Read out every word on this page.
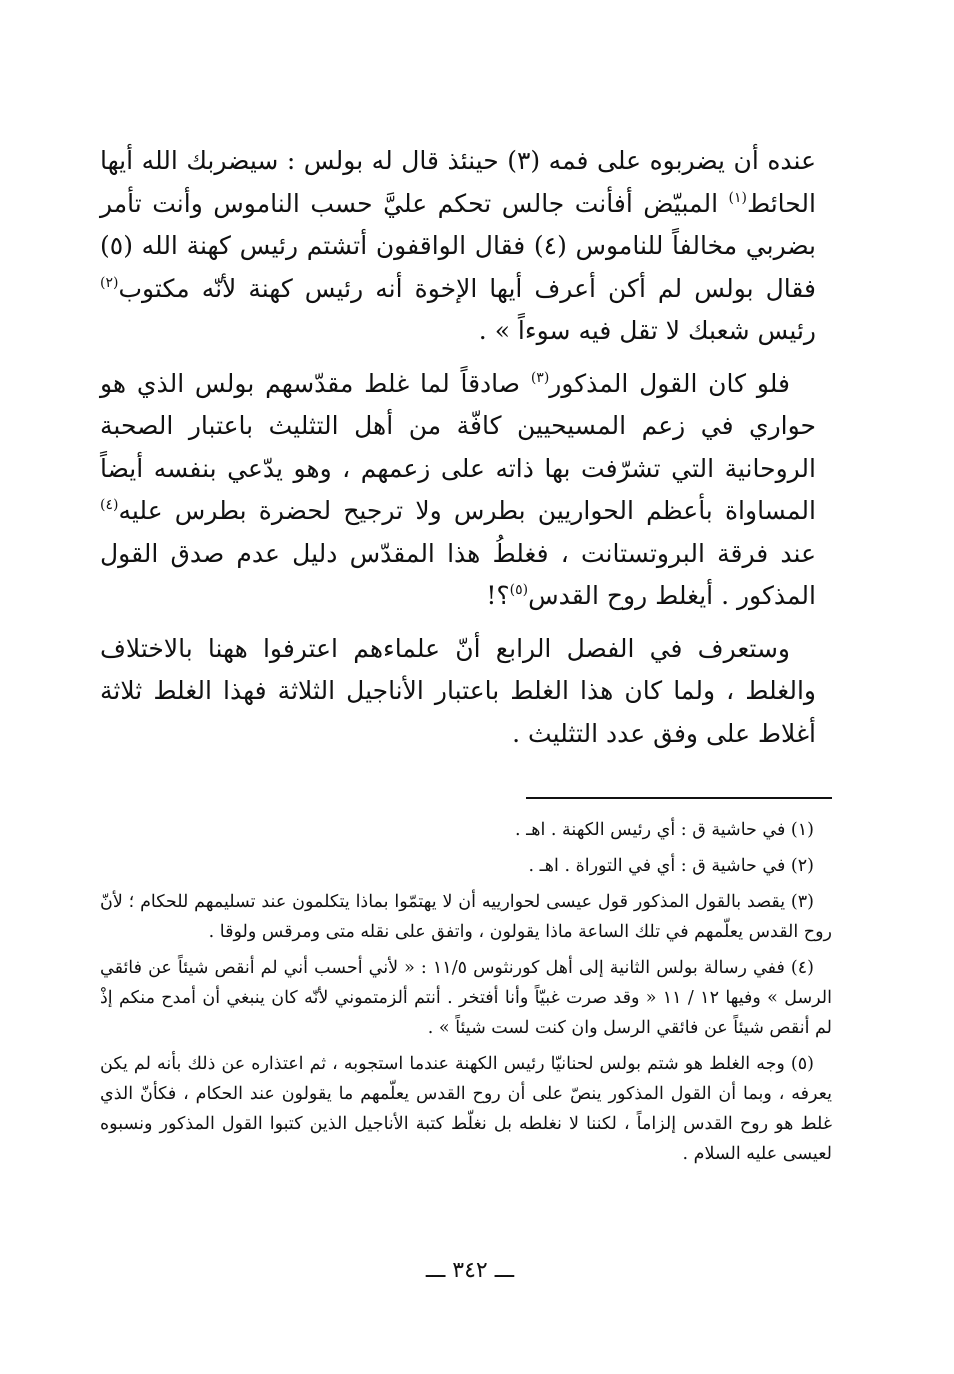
عنده أن يضربوه على فمه (٣) حينئذ قال له بولس : سيضربك الله أيها الحائط$^{(١)}$ المبيّض أفأنت جالس تحكم عليَّ حسب الناموس وأنت تأمر بضربي مخالفاً للناموس (٤) فقال الواقفون أتشتم رئيس كهنة الله (٥) فقال بولس لم أكن أعرف أيها الإخوة أنه رئيس كهنة لأنّه مكتوب$^{(٢)}$ رئيس شعبك لا تقل فيه سوءاً » .

فلو كان القول المذكور$^{(٣)}$ صادقاً لما غلط مقدّسهم بولس الذي هو حواري في زعم المسيحيين كافّة من أهل التثليث باعتبار الصحبة الروحانية التي تشرّفت بها ذاته على زعمهم ، وهو يدّعي بنفسه أيضاً المساواة بأعظم الحواريين بطرس ولا ترجيح لحضرة بطرس عليه$^{(٤)}$ عند فرقة البروتستانت ، فغلطُ هذا المقدّس دليل عدم صدق القول المذكور . أيغلط روح القدس$^{(٥)}$؟!

وستعرف في الفصل الرابع أنّ علماءهم اعترفوا ههنا بالاختلاف والغلط ، ولما كان هذا الغلط باعتبار الأناجيل الثلاثة فهذا الغلط ثلاثة أغلاط على وفق عدد التثليث .

(١) في حاشية ق : أي رئيس الكهنة . اهـ .

(٢) في حاشية ق : أي في التوراة . اهـ .

(٣) يقصد بالقول المذكور قول عيسى لحوارييه أن لا يهتمّوا بماذا يتكلمون عند تسليمهم للحكام ؛ لأنّ روح القدس يعلّمهم في تلك الساعة ماذا يقولون ، واتفق على نقله متى ومرقس ولوقا .

(٤) ففي رسالة بولس الثانية إلى أهل كورنثوس ١١/٥ : « لأني أحسب أني لم أنقص شيئاً عن فائقي الرسل » وفيها ١٢ / ١١ « وقد صرت غبيّاً وأنا أفتخر . أنتم ألزمتموني لأنّه كان ينبغي أن أمدح منكم إذْ لم أنقص شيئاً عن فائقي الرسل وان كنت لست شيئاً » .

(٥) وجه الغلط هو شتم بولس لحنانيّا رئيس الكهنة عندما استجوبه ، ثم اعتذاره عن ذلك بأنه لم يكن يعرفه ، وبما أن القول المذكور ينصّ على أن روح القدس يعلّمهم ما يقولون عند الحكام ، فكأنّ الذي غلط هو روح القدس إلزاماً ، لكننا لا نغلطه بل نغلّط كتبة الأناجيل الذين كتبوا القول المذكور ونسبوه لعيسى عليه السلام .

ـــ ٣٤٢ ـــ
